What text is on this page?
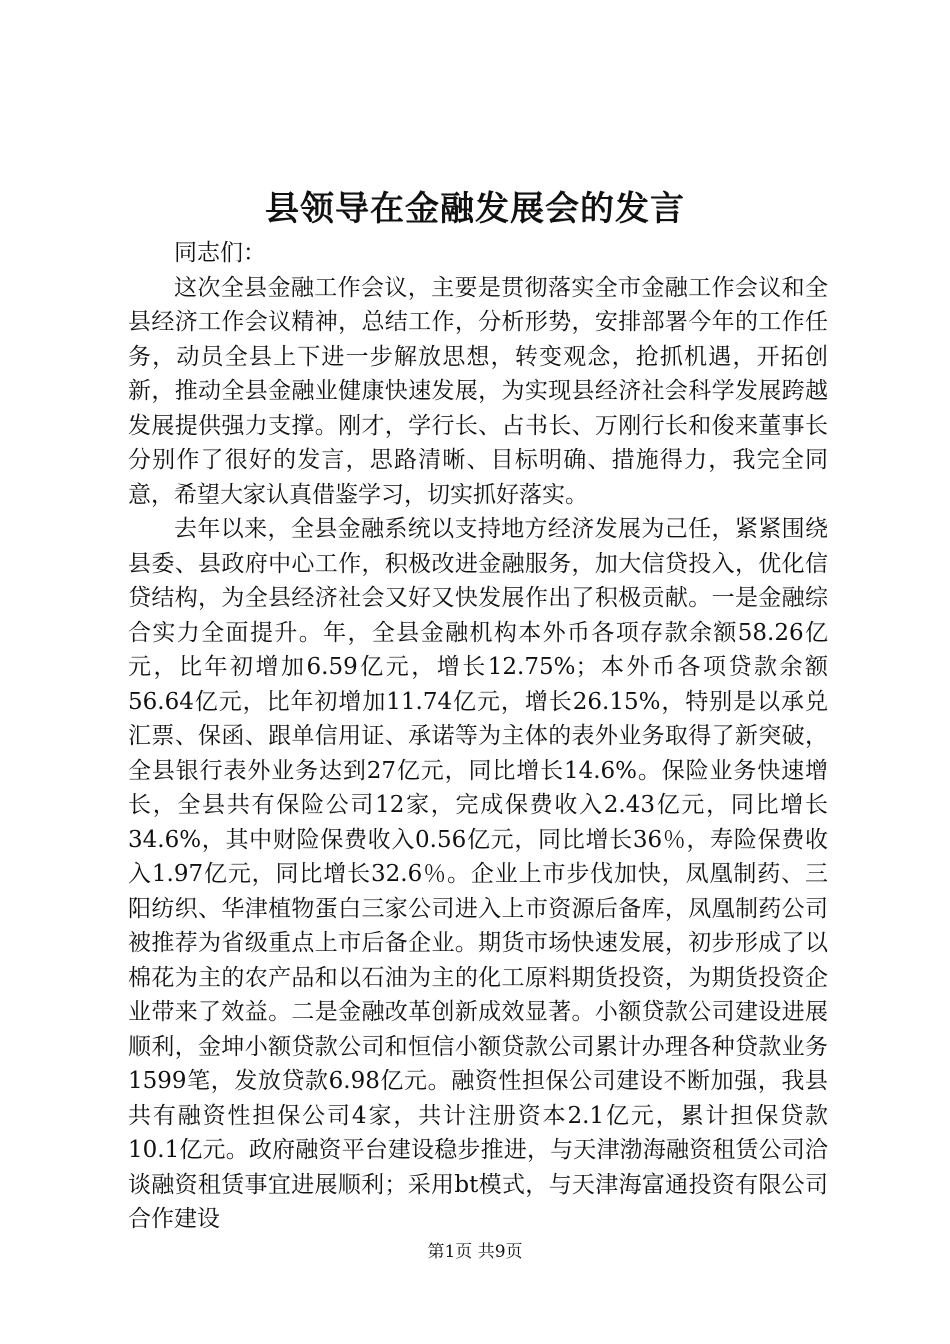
县领导在金融发展会的发言

同志们：

这次全县金融工作会议，主要是贯彻落实全市金融工作会议和全县经济工作会议精神，总结工作，分析形势，安排部署今年的工作任务，动员全县上下进一步解放思想，转变观念，抢抓机遇，开拓创新，推动全县金融业健康快速发展，为实现县经济社会科学发展跨越发展提供强力支撑。刚才，学行长、占书长、万刚行长和俊来董事长分别作了很好的发言，思路清晰、目标明确、措施得力，我完全同意，希望大家认真借鉴学习，切实抓好落实。

去年以来，全县金融系统以支持地方经济发展为己任，紧紧围绕县委、县政府中心工作，积极改进金融服务，加大信贷投入，优化信贷结构，为全县经济社会又好又快发展作出了积极贡献。一是金融综合实力全面提升。年，全县金融机构本外币各项存款余额58.26亿元，比年初增加6.59亿元，增长12.75%；本外币各项贷款余额56.64亿元，比年初增加11.74亿元，增长26.15%，特别是以承兑汇票、保函、跟单信用证、承诺等为主体的表外业务取得了新突破，全县银行表外业务达到27亿元，同比增长14.6%。保险业务快速增长，全县共有保险公司12家，完成保费收入2.43亿元，同比增长34.6%，其中财险保费收入0.56亿元，同比增长36％，寿险保费收入1.97亿元，同比增长32.6％。企业上市步伐加快，凤凰制药、三阳纺织、华津植物蛋白三家公司进入上市资源后备库，凤凰制药公司被推荐为省级重点上市后备企业。期货市场快速发展，初步形成了以棉花为主的农产品和以石油为主的化工原料期货投资，为期货投资企业带来了效益。二是金融改革创新成效显著。小额贷款公司建设进展顺利，金坤小额贷款公司和恒信小额贷款公司累计办理各种贷款业务1599笔，发放贷款6.98亿元。融资性担保公司建设不断加强，我县共有融资性担保公司4家，共计注册资本2.1亿元，累计担保贷款10.1亿元。政府融资平台建设稳步推进，与天津渤海融资租赁公司洽谈融资租赁事宜进展顺利；采用bt模式，与天津海富通投资有限公司合作建设

第1页 共9页
